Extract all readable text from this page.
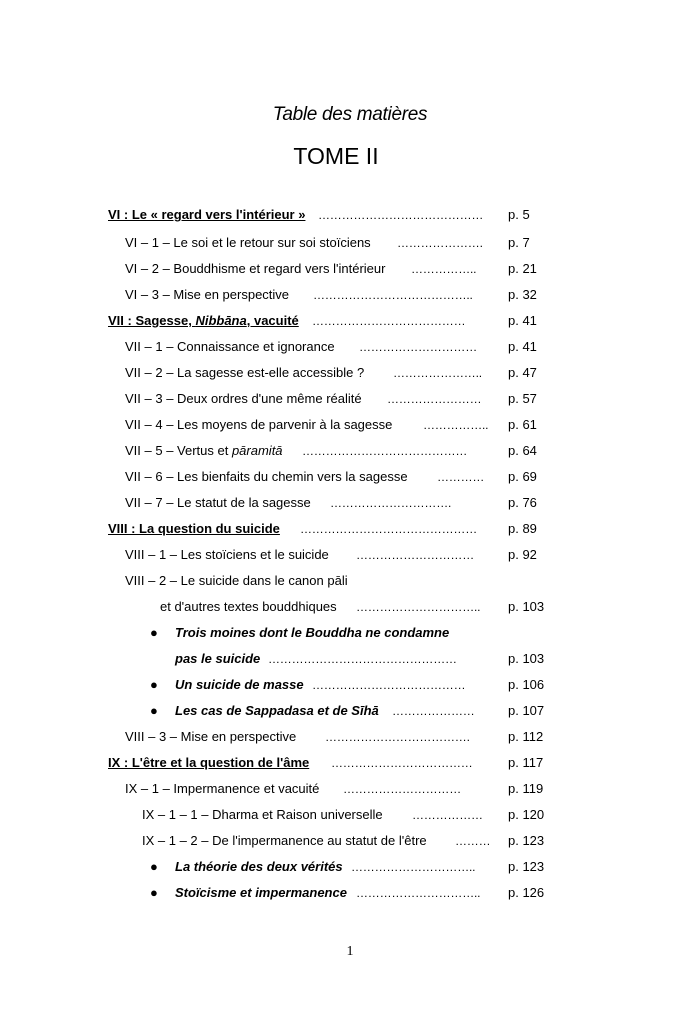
Table des matières
TOME II
VI : Le « regard vers l'intérieur » ……………………………………	p. 5
VI – 1 – Le soi et le retour sur soi stoïciens ………………….	p. 7
VI – 2 – Bouddhisme et regard vers l'intérieur ……………..	p. 21
VI – 3 – Mise en perspective …………………………………..	p. 32
VII : Sagesse, Nibbāna, vacuité …………………………………	p. 41
VII – 1 – Connaissance et ignorance …………………………	p. 41
VII – 2 – La sagesse est-elle accessible ? …………………..	p. 47
VII – 3 – Deux ordres d'une même réalité ……………………	p. 57
VII – 4 – Les moyens de parvenir à la sagesse	……………..	p. 61
VII – 5 – Vertus et pāramitā ……………………………………	p. 64
VII – 6 – Les bienfaits du chemin vers la sagesse …………	p. 69
VII – 7 – Le statut de la sagesse ………………………….	p. 76
VIII : La question du suicide ………………………………………	p. 89
VIII – 1 – Les stoïciens et le suicide …………………………	p. 92
VIII – 2 – Le suicide dans le canon pāli
et d'autres textes bouddhiques …………………………..	p. 103
● Trois moines dont le Bouddha ne condamne
pas le suicide …………………………………………	p. 103
● Un suicide de masse …………………………………	p. 106
● Les cas de Sappadasa et de Sīhā …………………	p. 107
VIII – 3 – Mise en perspective ……………………………….	p. 112
IX : L'être et la question de l'âme ………………………………	p. 117
IX – 1 – Impermanence et vacuité …………………………	p. 119
IX – 1 – 1 – Dharma et Raison universelle ………………	p. 120
IX – 1 – 2 – De l'impermanence au statut de l'être ………	p. 123
● La théorie des deux vérités …………………………..	p. 123
● Stoïcisme et impermanence …………………………..	p. 126
1
